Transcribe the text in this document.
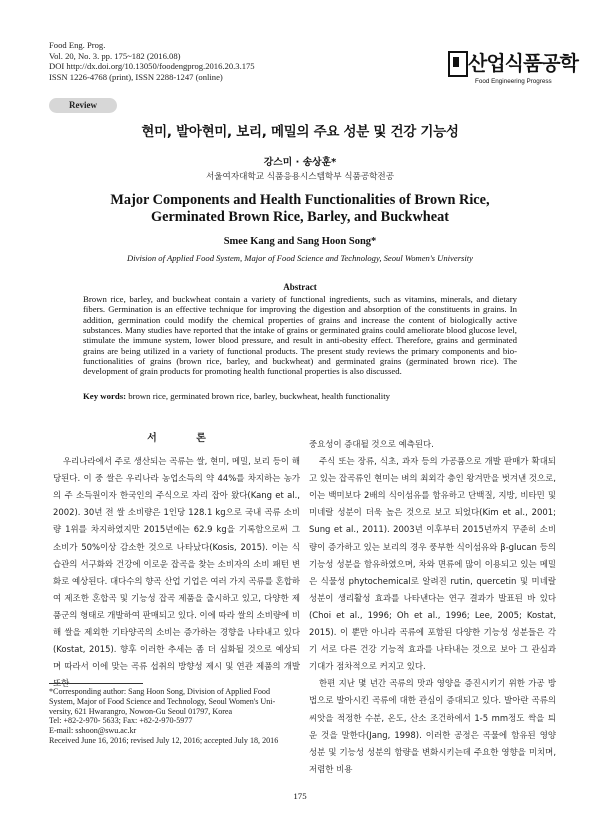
Food Eng. Prog.
Vol. 20, No. 3. pp. 175~182 (2016.08)
DOI http://dx.doi.org/10.13050/foodengprog.2016.20.3.175
ISSN 1226-4768 (print), ISSN 2288-1247 (online)
산업식품공학
Food Engineering Progress
Review
현미, 발아현미, 보리, 메밀의 주요 성분 및 건강 기능성
강스미 · 송상훈*
서울여자대학교 식품응용시스템학부 식품공학전공
Major Components and Health Functionalities of Brown Rice,
Germinated Brown Rice, Barley, and Buckwheat
Smee Kang and Sang Hoon Song*
Division of Applied Food System, Major of Food Science and Technology, Seoul Women's University
Abstract
Brown rice, barley, and buckwheat contain a variety of functional ingredients, such as vitamins, minerals, and dietary fibers. Germination is an effective technique for improving the digestion and absorption of the constituents in grains. In addition, germination could modify the chemical properties of grains and increase the content of biologically active substances. Many studies have reported that the intake of grains or germinated grains could ameliorate blood glucose level, stimulate the immune system, lower blood pressure, and result in anti-obesity effect. Therefore, grains and germinated grains are being utilized in a variety of functional products. The present study reviews the primary components and bio-functionalities of grains (brown rice, barley, and buckwheat) and germinated grains (germinated brown rice). The development of grain products for promoting health functional properties is also discussed.
Key words: brown rice, germinated brown rice, barley, buckwheat, health functionality
서 론

우리나라에서 주로 생산되는 곡류는 쌀, 현미, 메밀, 보리 등이 해당된다. 이 중 쌀은 우리나라 농업소득의 약 44%를 차지하는 농가의 주 소득원이자 한국인의 주식으로 자리 잡아 왔다(Kang et al., 2002). 30년 전 쌀 소비량은 1인당 128.1 kg으로 국내 곡류 소비량 1위를 차지하였지만 2015년에는 62.9 kg을 기록함으로써 그 소비가 50%이상 감소한 것으로 나타났다(Kosis, 2015). 이는 식습관의 서구화와 건강에 이로운 잡곡을 찾는 소비자의 소비 패턴 변화로 예상된다. 대다수의 향곡 산업 기업은 여러 가지 곡류를 혼합하여 제조한 혼합곡 및 기능성 잡곡 제품을 출시하고 있고, 다양한 제품군의 형태로 개발하여 판매되고 있다. 이에 따라 쌀의 소비량에 비해 쌀을 제외한 기타양곡의 소비는 증가하는 경향을 나타내고 있다(Kostat, 2015). 향후 이러한 추세는 좀 더 심화될 것으로 예상되며 따라서 이에 맞는 곡류 섭취의 방향성 제시 및 연관 제품의 개발 또한

중요성이 증대될 것으로 예측된다.

주식 또는 장류, 식초, 과자 등의 가공품으로 개발 판매가 확대되고 있는 잡곡류인 현미는 벼의 최외각 층인 왕겨만을 벗겨낸 것으로, 이는 백미보다 2배의 식이섬유를 함유하고 단백질, 지방, 비타민 및 미네랄 성분이 더욱 높은 것으로 보고 되었다(Kim et al., 2001; Sung et al., 2011). 2003년 이후부터 2015년까지 꾸준히 소비량이 증가하고 있는 보리의 경우 풍부한 식이섬유와 β-glucan 등의 기능성 성분을 함유하였으며, 차와 면류에 많이 이용되고 있는 메밀은 식물성 phytochemical로 알려진 rutin, quercetin 및 미네랄 성분이 생리활성 효과를 나타낸다는 연구 결과가 발표된 바 있다(Choi et al., 1996; Oh et al., 1996; Lee, 2005; Kostat, 2015). 이 뿐만 아니라 곡류에 포함된 다양한 기능성 성분들은 각기 서로 다른 건강 기능적 효과를 나타내는 것으로 보아 그 관심과 기대가 점차적으로 커지고 있다.

한편 지난 몇 년간 곡류의 맛과 영양을 증진시키기 위한 가공 방법으로 발아시킨 곡류에 대한 관심이 증대되고 있다. 발아란 곡류의 씨앗을 적정한 수분, 온도, 산소 조건하에서 1-5 mm정도 싹을 틔운 것을 말한다(Jang, 1998). 이러한 공정은 곡물에 함유된 영양 성분 및 기능성 성분의 함량을 변화시키는데 주요한 영향을 미치며, 저렴한 비용

*Corresponding author: Sang Hoon Song, Division of Applied Food
System, Major of Food Science and Technology, Seoul Women's Uni-
versity, 621 Hwarangro, Nowon-Gu Seoul 01797, Korea
Tel: +82-2-970- 5633; Fax: +82-2-970-5977
E-mail: sshoon@swu.ac.kr
Received June 16, 2016; revised July 12, 2016; accepted July 18, 2016
175
